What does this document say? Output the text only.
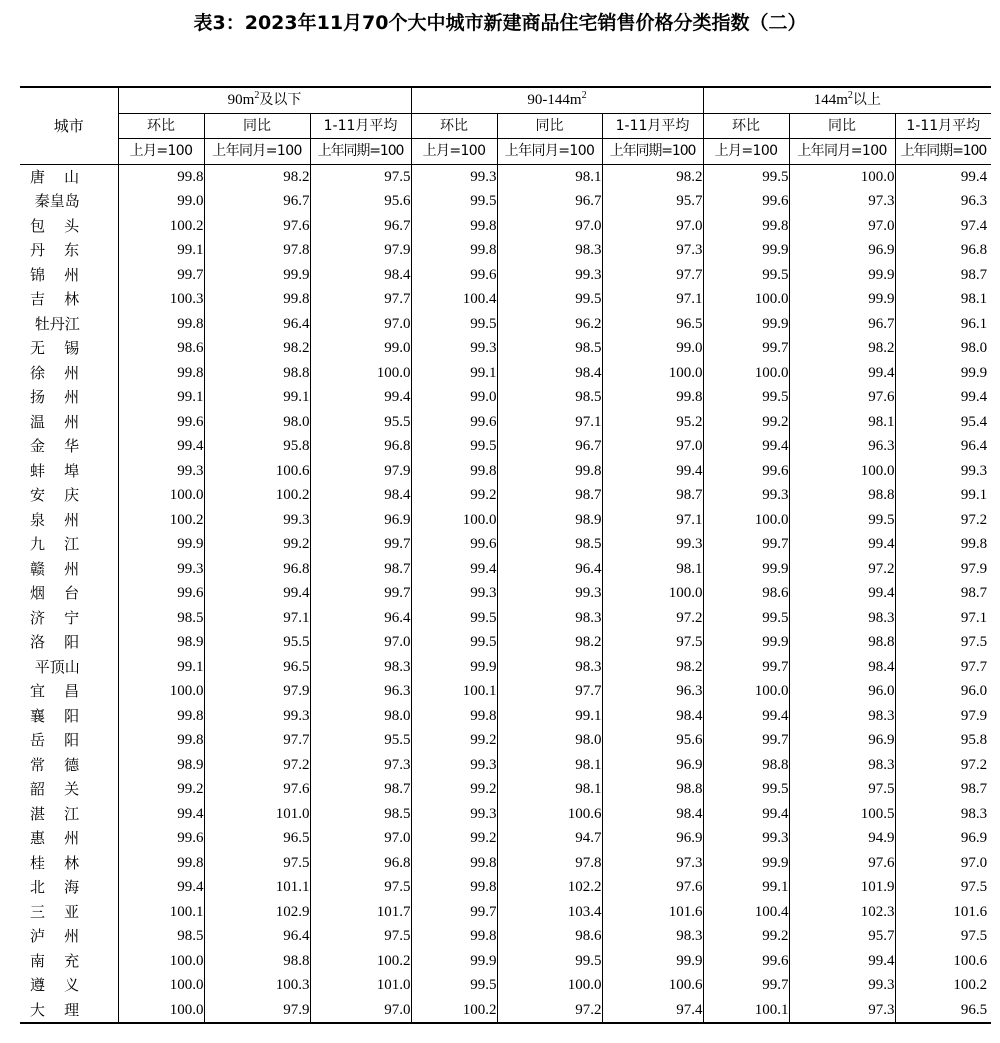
表3：2023年11月70个大中城市新建商品住宅销售价格分类指数（二）
城市	$90m^2$及以下			$90-144m^2$			$144m^2$以上		
	环比	同比	1-11月平均	环比	同比	1-11月平均	环比	同比	1-11月平均
	上月=100	上年同月=100	上年同期=100	上月=100	上年同月=100	上年同期=100	上月=100	上年同月=100	上年同期=100
唐    山	99.8	98.2	97.5	99.3	98.1	98.2	99.5	100.0	99.4
秦皇岛	99.0	96.7	95.6	99.5	96.7	95.7	99.6	97.3	96.3
包    头	100.2	97.6	96.7	99.8	97.0	97.0	99.8	97.0	97.4
丹    东	99.1	97.8	97.9	99.8	98.3	97.3	99.9	96.9	96.8
锦    州	99.7	99.9	98.4	99.6	99.3	97.7	99.5	99.9	98.7
吉    林	100.3	99.8	97.7	100.4	99.5	97.1	100.0	99.9	98.1
牡丹江	99.8	96.4	97.0	99.5	96.2	96.5	99.9	96.7	96.1
无    锡	98.6	98.2	99.0	99.3	98.5	99.0	99.7	98.2	98.0
徐    州	99.8	98.8	100.0	99.1	98.4	100.0	100.0	99.4	99.9
扬    州	99.1	99.1	99.4	99.0	98.5	99.8	99.5	97.6	99.4
温    州	99.6	98.0	95.5	99.6	97.1	95.2	99.2	98.1	95.4
金    华	99.4	95.8	96.8	99.5	96.7	97.0	99.4	96.3	96.4
蚌    埠	99.3	100.6	97.9	99.8	99.8	99.4	99.6	100.0	99.3
安    庆	100.0	100.2	98.4	99.2	98.7	98.7	99.3	98.8	99.1
泉    州	100.2	99.3	96.9	100.0	98.9	97.1	100.0	99.5	97.2
九    江	99.9	99.2	99.7	99.6	98.5	99.3	99.7	99.4	99.8
赣    州	99.3	96.8	98.7	99.4	96.4	98.1	99.9	97.2	97.9
烟    台	99.6	99.4	99.7	99.3	99.3	100.0	98.6	99.4	98.7
济    宁	98.5	97.1	96.4	99.5	98.3	97.2	99.5	98.3	97.1
洛    阳	98.9	95.5	97.0	99.5	98.2	97.5	99.9	98.8	97.5
平顶山	99.1	96.5	98.3	99.9	98.3	98.2	99.7	98.4	97.7
宜    昌	100.0	97.9	96.3	100.1	97.7	96.3	100.0	96.0	96.0
襄    阳	99.8	99.3	98.0	99.8	99.1	98.4	99.4	98.3	97.9
岳    阳	99.8	97.7	95.5	99.2	98.0	95.6	99.7	96.9	95.8
常    德	98.9	97.2	97.3	99.3	98.1	96.9	98.8	98.3	97.2
韶    关	99.2	97.6	98.7	99.2	98.1	98.8	99.5	97.5	98.7
湛    江	99.4	101.0	98.5	99.3	100.6	98.4	99.4	100.5	98.3
惠    州	99.6	96.5	97.0	99.2	94.7	96.9	99.3	94.9	96.9
桂    林	99.8	97.5	96.8	99.8	97.8	97.3	99.9	97.6	97.0
北    海	99.4	101.1	97.5	99.8	102.2	97.6	99.1	101.9	97.5
三    亚	100.1	102.9	101.7	99.7	103.4	101.6	100.4	102.3	101.6
泸    州	98.5	96.4	97.5	99.8	98.6	98.3	99.2	95.7	97.5
南    充	100.0	98.8	100.2	99.9	99.5	99.9	99.6	99.4	100.6
遵    义	100.0	100.3	101.0	99.5	100.0	100.6	99.7	99.3	100.2
大    理	100.0	97.9	97.0	100.2	97.2	97.4	100.1	97.3	96.5
